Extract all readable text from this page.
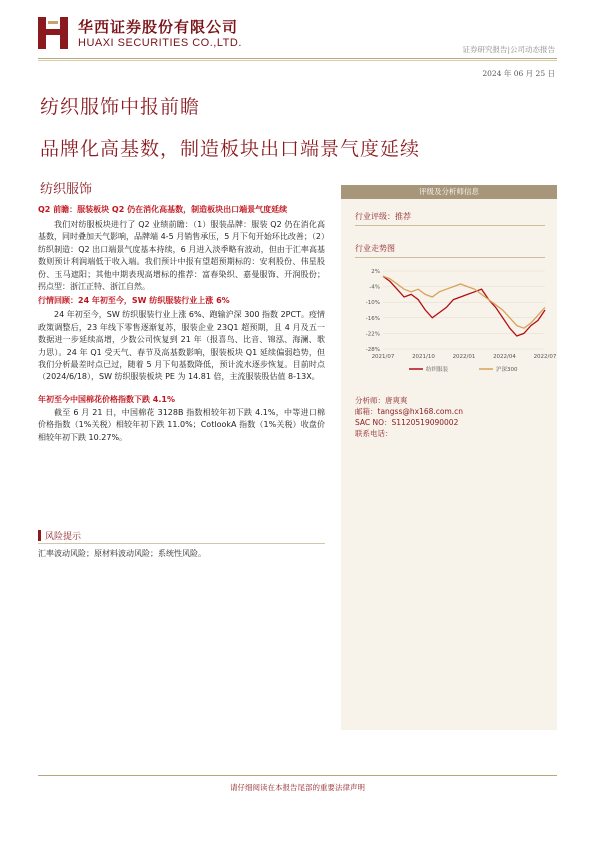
华西证券股份有限公司
HUAXI SECURITIES CO.,LTD.
证券研究报告|公司动态报告
2024 年 06 月 25 日
纺织服饰中报前瞻
品牌化高基数，制造板块出口端景气度延续
纺织服饰
Q2 前瞻：服装板块 Q2 仍在消化高基数，制造板块出口端景气度延续
我们对纺服板块进行了 Q2 业绩前瞻：（1）服装品牌：服装 Q2 仍在消化高基数，同时叠加天气影响，品牌端 4-5 月销售承压，5 月下旬开始环比改善；（2）纺织制造：Q2 出口端景气度基本持续，6 月进入淡季略有波动，但由于汇率高基数则预计利润端低于收入端。我们预计中报有望超预期标的：安利股份、伟星股份、玉马遮阳；其他中期表现高增标的推荐：富春染织、嘉曼服饰、开润股份；拐点型：浙江正特、浙江自然。
行情回顾：24 年初至今，SW 纺织服装行业上涨 6%
24 年初至今，SW 纺织服装行业上涨 6%、跑输沪深 300 指数 2PCT。疫情政策调整后，23 年线下零售逐渐复苏，服装企业 23Q1 超预期，且 4 月及五一数据进一步延续高增，少数公司恢复到 21 年（报喜鸟、比音、锦泓、海澜、歌力思）。24 年 Q1 受天气、春节及高基数影响，服装板块 Q1 延续偏弱趋势，但我们分析最差时点已过，随着 5 月下旬基数降低，预计流水逐步恢复。目前时点（2024/6/18），SW 纺织服装板块 PE 为 14.81 倍，主流服装股估值 8-13X。
年初至今中国棉花价格指数下跌 4.1%
截至 6 月 21 日，中国棉花 3128B 指数相较年初下跌 4.1%，中等进口棉价格指数（1%关税）相较年初下跌 11.0%；CotlookA 指数（1%关税）收盘价相较年初下跌 10.27%。
风险提示
汇率波动风险；原材料波动风险；系统性风险。
评级及分析师信息
行业评级：推荐
行业走势图
2%
-4%
-10%
-16%
-22%
-28%
2021/07	2021/10	2022/01	2022/04	2022/07
纺织服装	沪深300
分析师：唐爽爽
邮箱：tangss@hx168.com.cn
SAC NO：S1120519090002
联系电话：
请仔细阅读在本报告尾部的重要法律声明
